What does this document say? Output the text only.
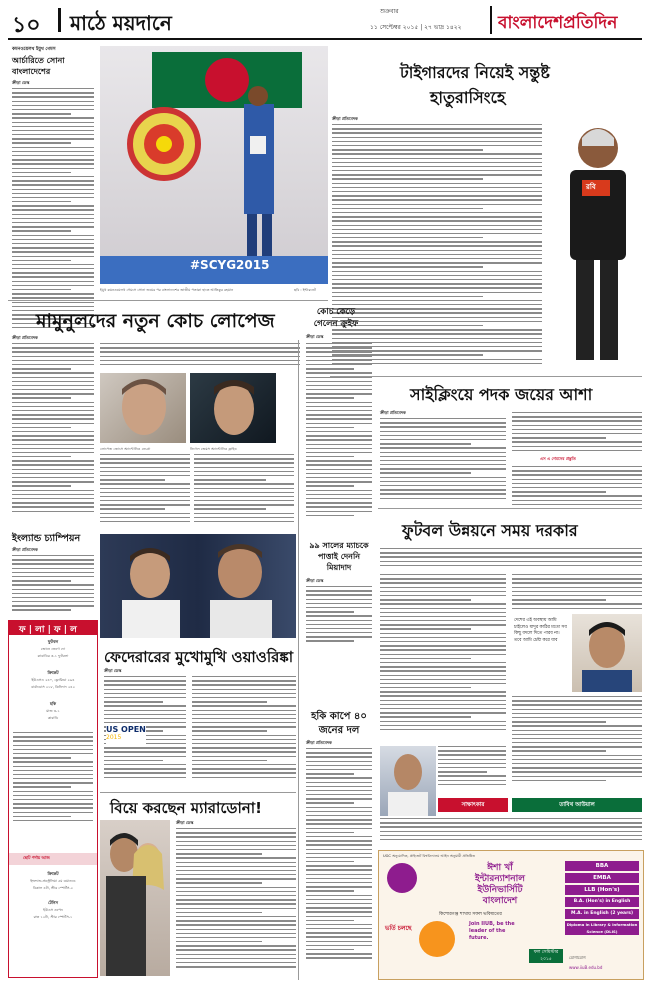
১০ মাঠে ময়দানে	শুক্রবার
১১ সেপ্টেম্বর ২০১৫ | ২৭ ভাদ্র ১৪২২ বাংলাদেশপ্রতিদিন
কমনওয়েলথ ইয়ুথ গেমস
আর্চারিতে সোনা বাংলাদেশের
ক্রীড়া ডেস্ক
#SCYG2015
ইয়ুথ কমনওয়েলথ গেমসে সোনা জয়ের পর বাংলাদেশের জাতীয় পতাকা হাতে আতিকুর রহমান	ছবি : ইন্টারনেট
টাইগারদের নিয়েই সন্তুষ্ট
হাতুরাসিংহে
ক্রীড়া প্রতিবেদক
রবি
মামুনুলদের নতুন কোচ লোপেজ
ক্রীড়া প্রতিবেদক
লোপেজ জোসে অ্যান্টোনিও নেগ্রো	নিগেল জেমস অ্যান্টোনিও ফ্লাইড
কোচ কেড়ে গেলেন ক্রুইফ
ক্রীড়া ডেস্ক
ইংল্যান্ড চ্যাম্পিয়ন
ক্রীড়া প্রতিবেদক
ফ | লা | ফ | ল
ফুটবল
জোনে জেগে দো
কাবাডির ৩-১ ফুটবলা
ক্রিকেট
ইউএসএ ২৪০, ফ্লোরিডা ২৯৪
বার্বাডোস ২১৮, ত্রিনিদাদ ২৪২
হকি
মাজ ৩-১
কাবাডি
ছোট পর্দায় আজ
ক্রিকেট
ইংল্যান্ড-অস্ট্রেলিয়া ৫ম ওয়ানডে
বিকাল ৪টা, স্টার স্পোর্টস-২
টেনিস
ইউএস ওপেন
রাত ১২টা, স্টার স্পোর্টস-১
৯৯ সালের ম্যাচকে পাত্তাই দেননি মিয়াদাদ
ক্রীড়া ডেস্ক
ফেদেরারের মুখোমুখি ওয়াওরিঙ্কা
ক্রীড়া ডেস্ক
US OPEN
2015
হকি কাপে ৪০ জনের দল
ক্রীড়া প্রতিবেদক
বিয়ে করছেন ম্যারাডোনা!
ক্রীড়া ডেস্ক
সাইক্লিংয়ে পদক জয়ের আশা
ক্রীড়া প্রতিবেদক
এস এ গেমসের প্রস্তুতি
ফুটবল উন্নয়নে সময় দরকার
দেশের এই অবস্থায় আমি চাইলেও যাদুর কাঠির মতো সব কিছু বদলে দিতে পারব না। তবে আমি চেষ্টা করে যাব
সাক্ষাৎকার	তাবিথ আউয়াল
UGC অনুমোদিত, প্রাইভেট বিশ্ববিদ্যালয় আইন অনুযায়ী প্রতিষ্ঠিত
ঈশা খাঁ
ইন্টারন্যাশনাল
ইউনিভার্সিটি
বাংলাদেশ
কিশোরগঞ্জ শাখায় সফল ভবিষ্যতের
Join IIUB, be the leader of the future.
ভর্তি চলছে
BBA
EMBA
LLB (Hon's)
B.A. (Hon's) in English
M.A. in English (2 years)
Diploma in Library & Information Science (DLIS)
ফল সেমিস্টার ২০১৫	যোগাযোগ
www.iiuB.edu.bd
